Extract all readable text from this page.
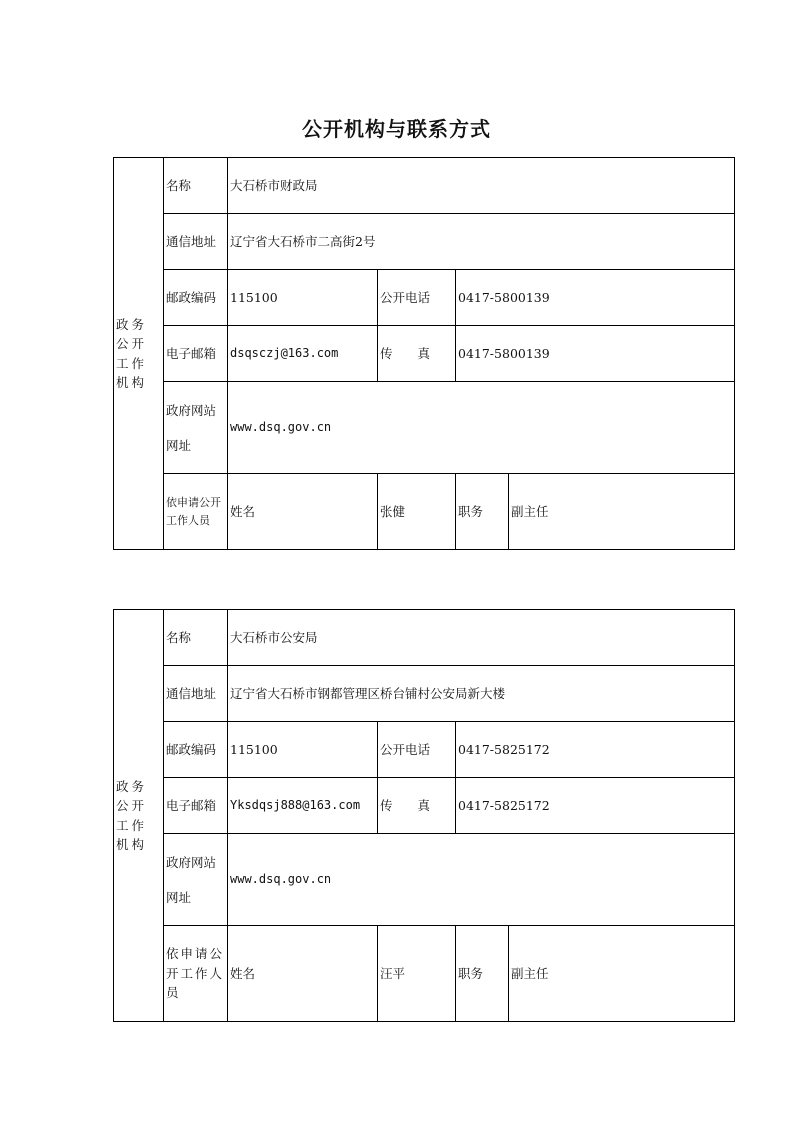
公开机构与联系方式
政务公开工作机构	名称	大石桥市财政局			
	通信地址	辽宁省大石桥市二高街2号			
	邮政编码	115100	公开电话	0417-5800139	
	电子邮箱	dsqsczj@163.com	传　　真	0417-5800139	
	政府网站网址	www.dsq.gov.cn			
	依申请公开工作人员	姓名	张健	职务	副主任
政务公开工作机构	名称	大石桥市公安局			
	通信地址	辽宁省大石桥市钢都管理区桥台铺村公安局新大楼			
	邮政编码	115100	公开电话	0417-5825172	
	电子邮箱	Yksdqsj888@163.com	传　　真	0417-5825172	
	政府网站网址	www.dsq.gov.cn			
	依申请公开工作人员	姓名	汪平	职务	副主任
